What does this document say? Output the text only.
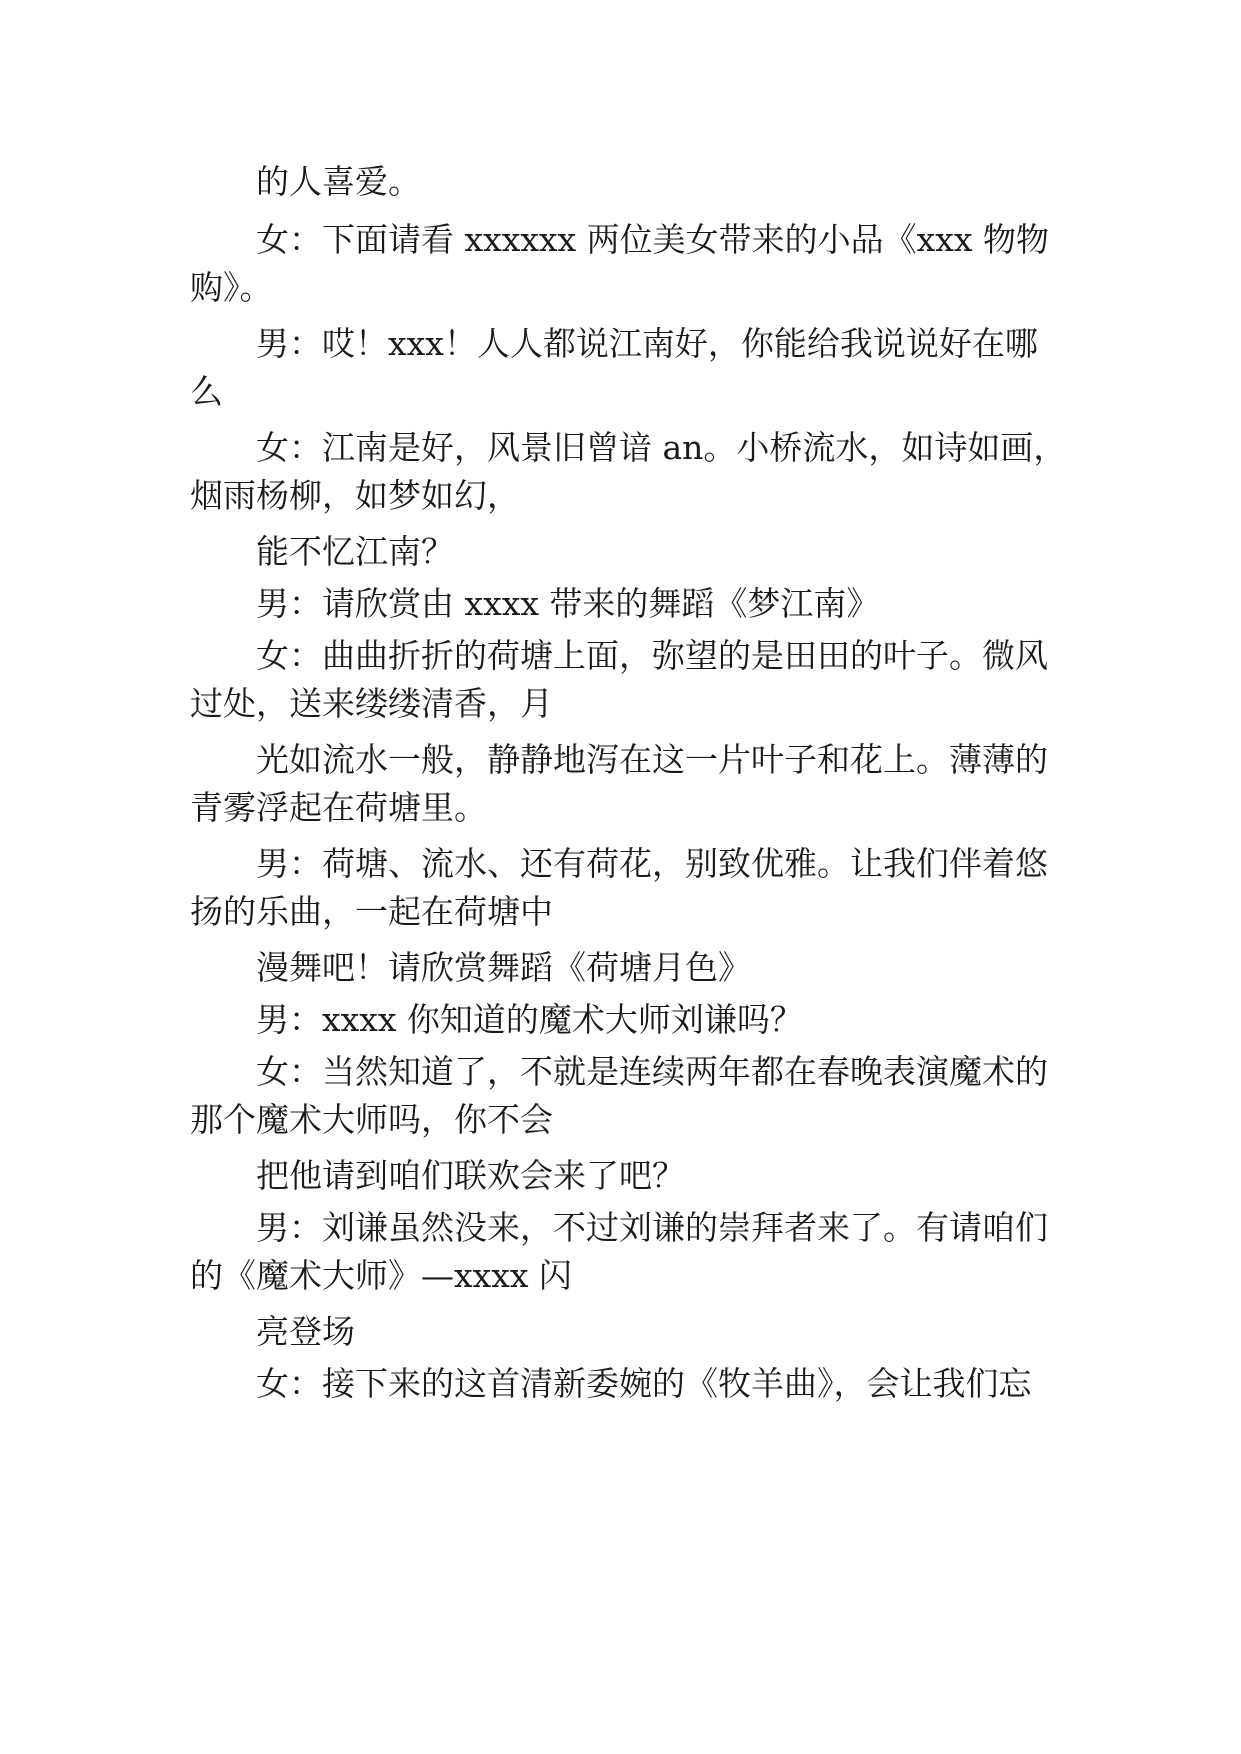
的人喜爱。
女：下面请看 xxxxxx 两位美女带来的小品《xxx 物物
购》。
男：哎！xxx！人人都说江南好，你能给我说说好在哪
么
女：江南是好，风景旧曾谙 an。小桥流水，如诗如画，
烟雨杨柳，如梦如幻，
能不忆江南？
男：请欣赏由 xxxx 带来的舞蹈《梦江南》
女：曲曲折折的荷塘上面，弥望的是田田的叶子。微风
过处，送来缕缕清香，月
光如流水一般，静静地泻在这一片叶子和花上。薄薄的
青雾浮起在荷塘里。
男：荷塘、流水、还有荷花，别致优雅。让我们伴着悠
扬的乐曲，一起在荷塘中
漫舞吧！请欣赏舞蹈《荷塘月色》
男：xxxx 你知道的魔术大师刘谦吗？
女：当然知道了，不就是连续两年都在春晚表演魔术的
那个魔术大师吗，你不会
把他请到咱们联欢会来了吧？
男：刘谦虽然没来，不过刘谦的崇拜者来了。有请咱们
的《魔术大师》—xxxx 闪
亮登场
女：接下来的这首清新委婉的《牧羊曲》，会让我们忘
